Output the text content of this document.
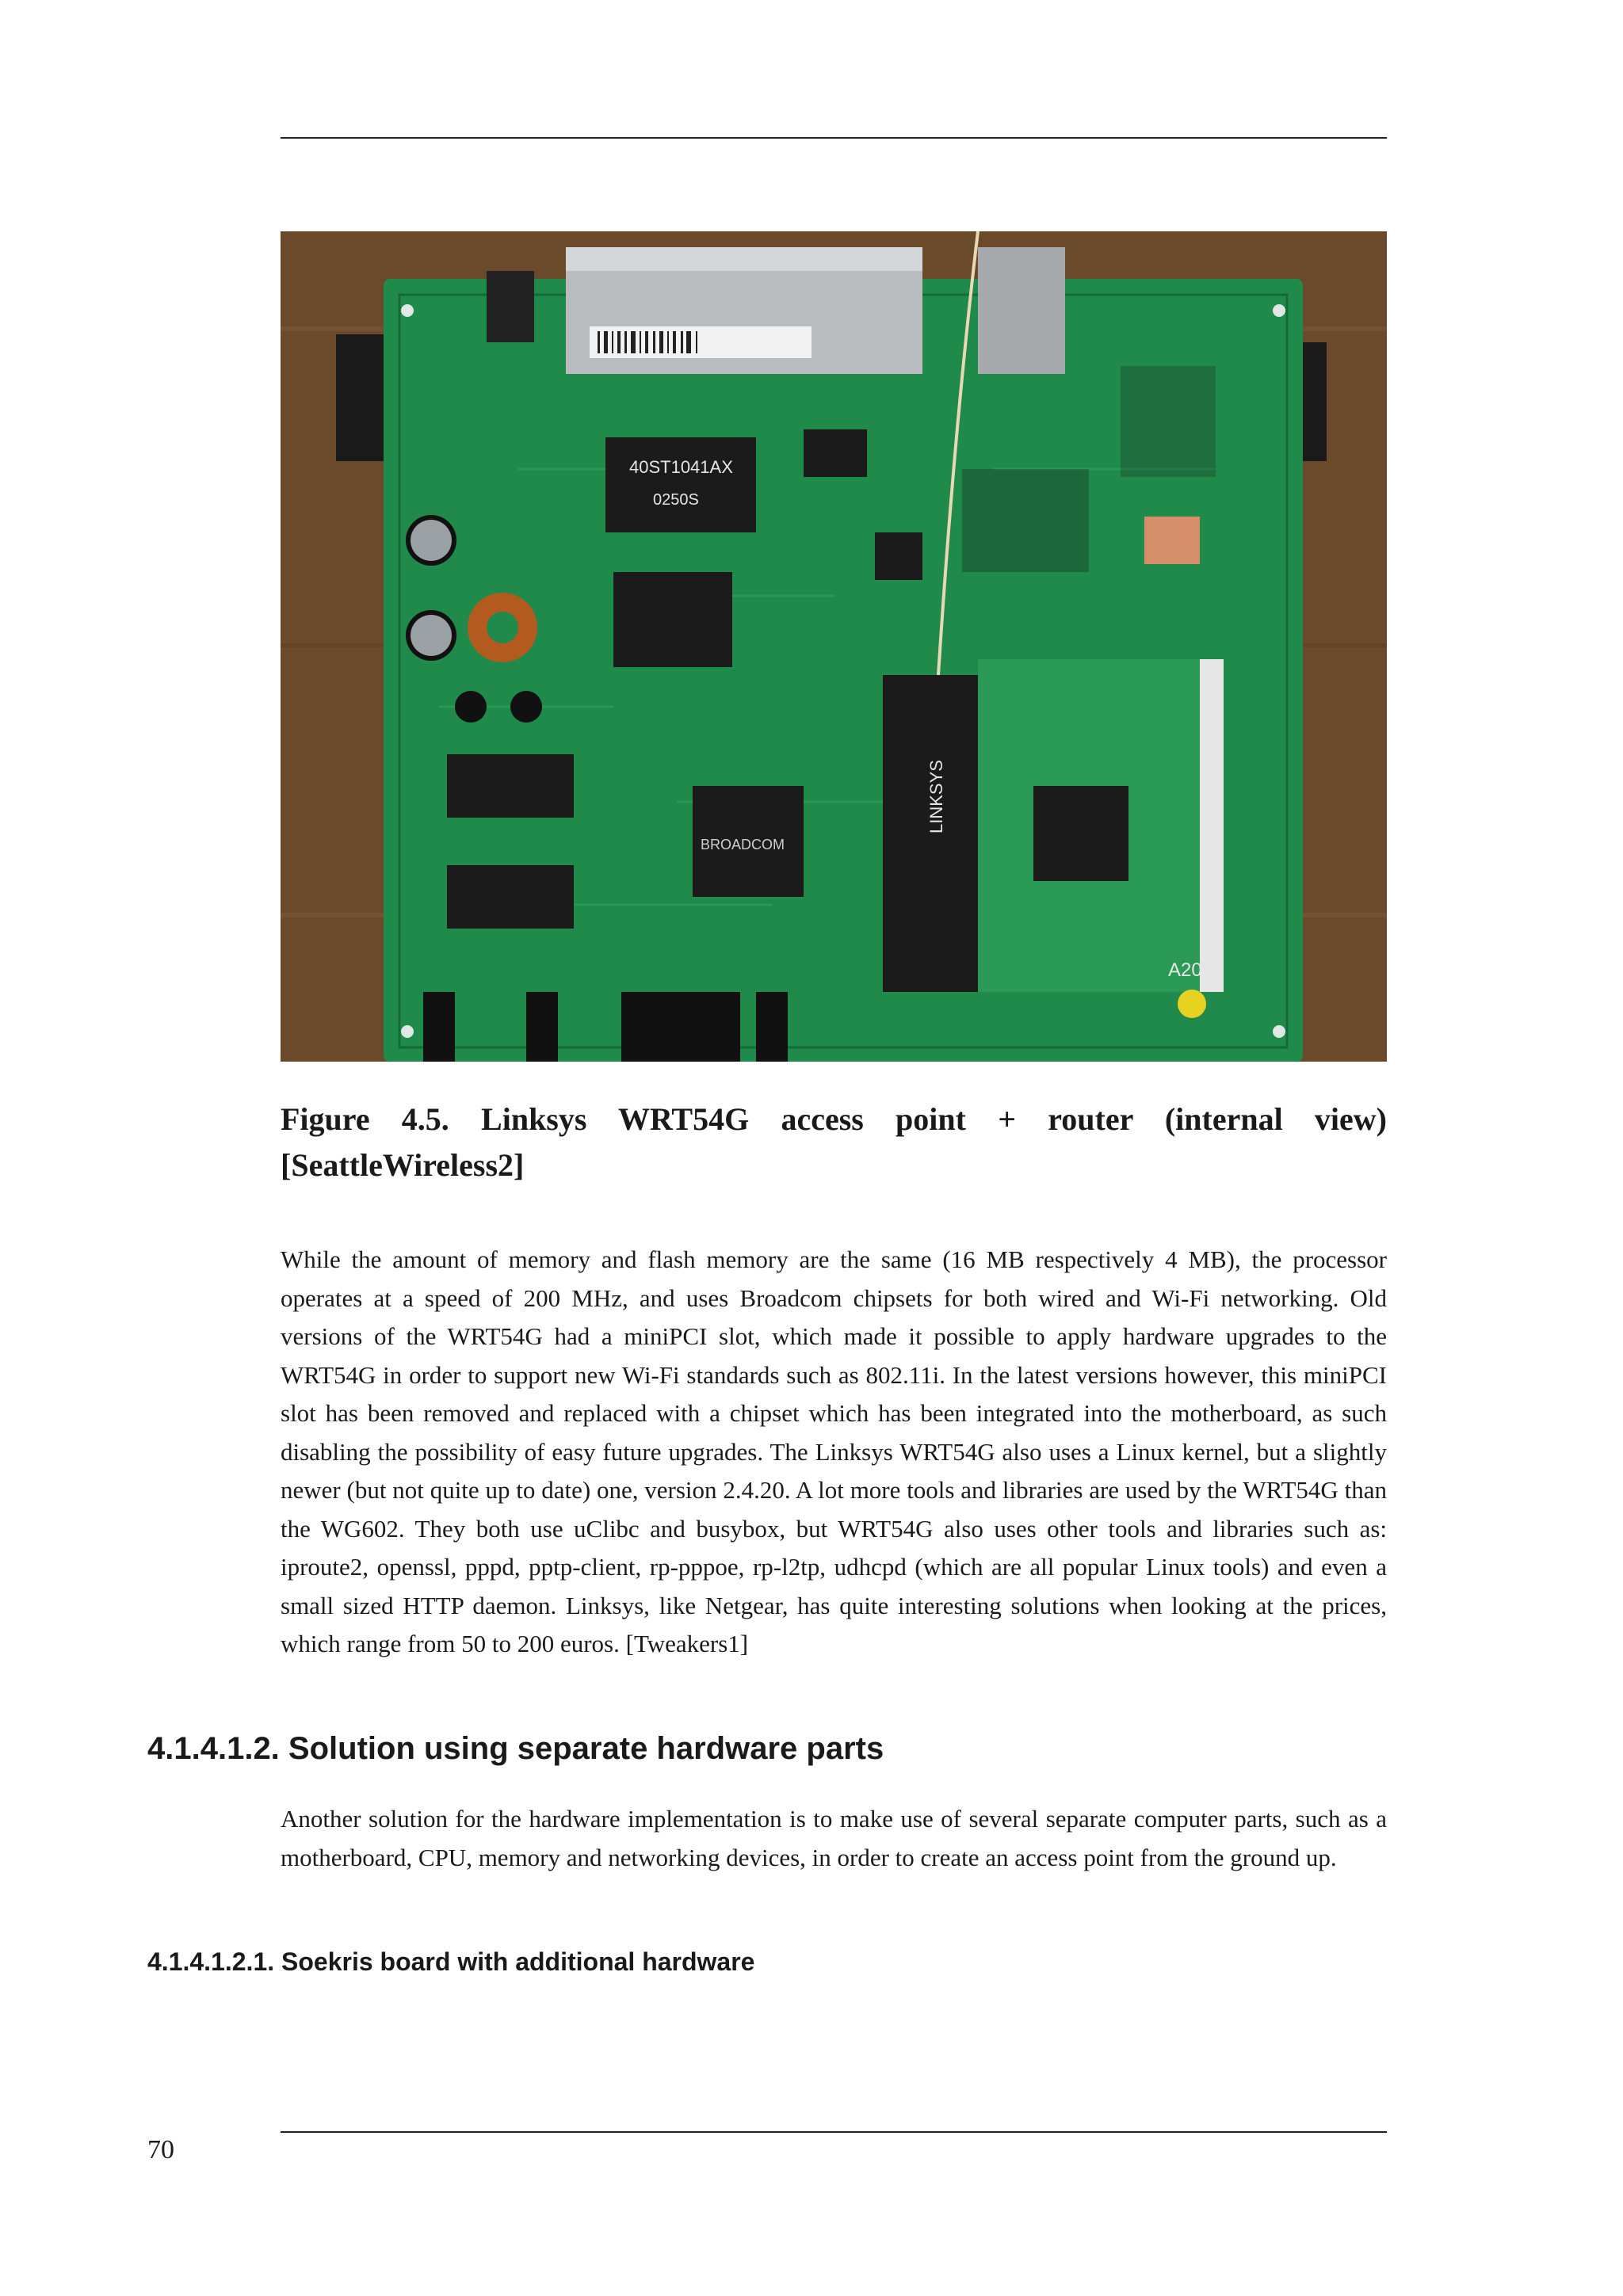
40ST1041AX
0250S
BROADCOM
LINKSYS
A20

Figure 4.5. Linksys WRT54G access point + router (internal view) [SeattleWireless2]

While the amount of memory and flash memory are the same (16 MB respectively 4 MB), the processor operates at a speed of 200 MHz, and uses Broadcom chipsets for both wired and Wi-Fi networking. Old versions of the WRT54G had a miniPCI slot, which made it possible to apply hardware upgrades to the WRT54G in order to support new Wi-Fi standards such as 802.11i. In the latest versions however, this miniPCI slot has been removed and replaced with a chipset which has been integrated into the motherboard, as such disabling the possibility of easy future upgrades. The Linksys WRT54G also uses a Linux kernel, but a slightly newer (but not quite up to date) one, version 2.4.20. A lot more tools and libraries are used by the WRT54G than the WG602. They both use uClibc and busybox, but WRT54G also uses other tools and libraries such as: iproute2, openssl, pppd, pptp-client, rp-pppoe, rp-l2tp, udhcpd (which are all popular Linux tools) and even a small sized HTTP daemon. Linksys, like Netgear, has quite interesting solutions when looking at the prices, which range from 50 to 200 euros. [Tweakers1]

4.1.4.1.2. Solution using separate hardware parts

Another solution for the hardware implementation is to make use of several separate computer parts, such as a motherboard, CPU, memory and networking devices, in order to create an access point from the ground up.

4.1.4.1.2.1. Soekris board with additional hardware
70
